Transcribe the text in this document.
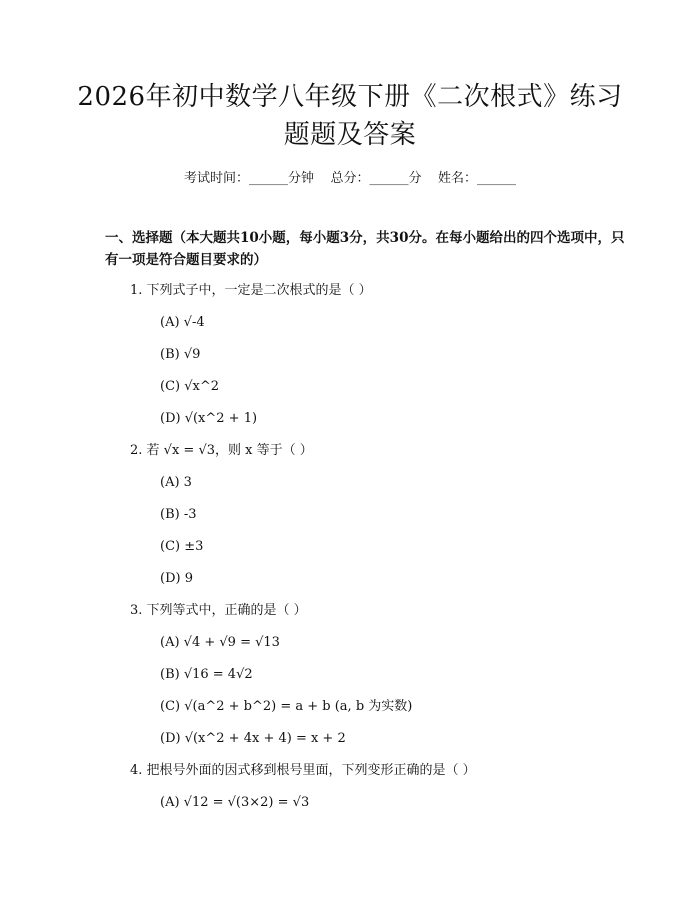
2026年初中数学八年级下册《二次根式》练习题题及答案
考试时间：______分钟    总分：______分    姓名：______
一、选择题（本大题共10小题，每小题3分，共30分。在每小题给出的四个选项中，只有一项是符合题目要求的）
1. 下列式子中，一定是二次根式的是（ ）
(A) √-4
(B) √9
(C) √x^2
(D) √(x^2 + 1)
2. 若 √x = √3，则 x 等于（ ）
(A) 3
(B) -3
(C) ±3
(D) 9
3. 下列等式中，正确的是（ ）
(A) √4 + √9 = √13
(B) √16 = 4√2
(C) √(a^2 + b^2) = a + b (a, b 为实数)
(D) √(x^2 + 4x + 4) = x + 2
4. 把根号外面的因式移到根号里面，下列变形正确的是（ ）
(A) √12 = √(3×2) = √3
